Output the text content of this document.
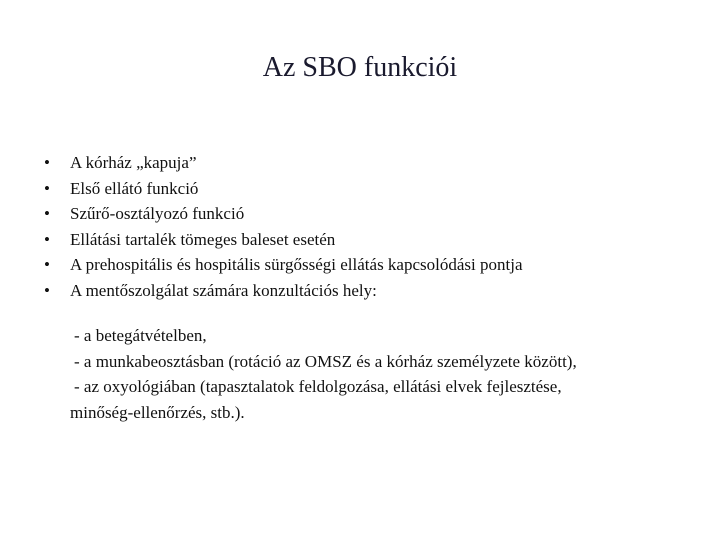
Az SBO funkciói
•	A kórház „kapuja”
•	Első ellátó funkció
•	Szűrő-osztályozó funkció
•	Ellátási tartalék tömeges baleset esetén
•	A prehospitális és hospitális sürgősségi ellátás kapcsolódási pontja
•	A mentőszolgálat számára konzultációs hely:
- a betegátvételben,
- a munkabeosztásban (rotáció az OMSZ és a kórház személyzete között),
- az oxyológiában (tapasztalatok feldolgozása, ellátási elvek fejlesztése,
minőség-ellenőrzés, stb.).
